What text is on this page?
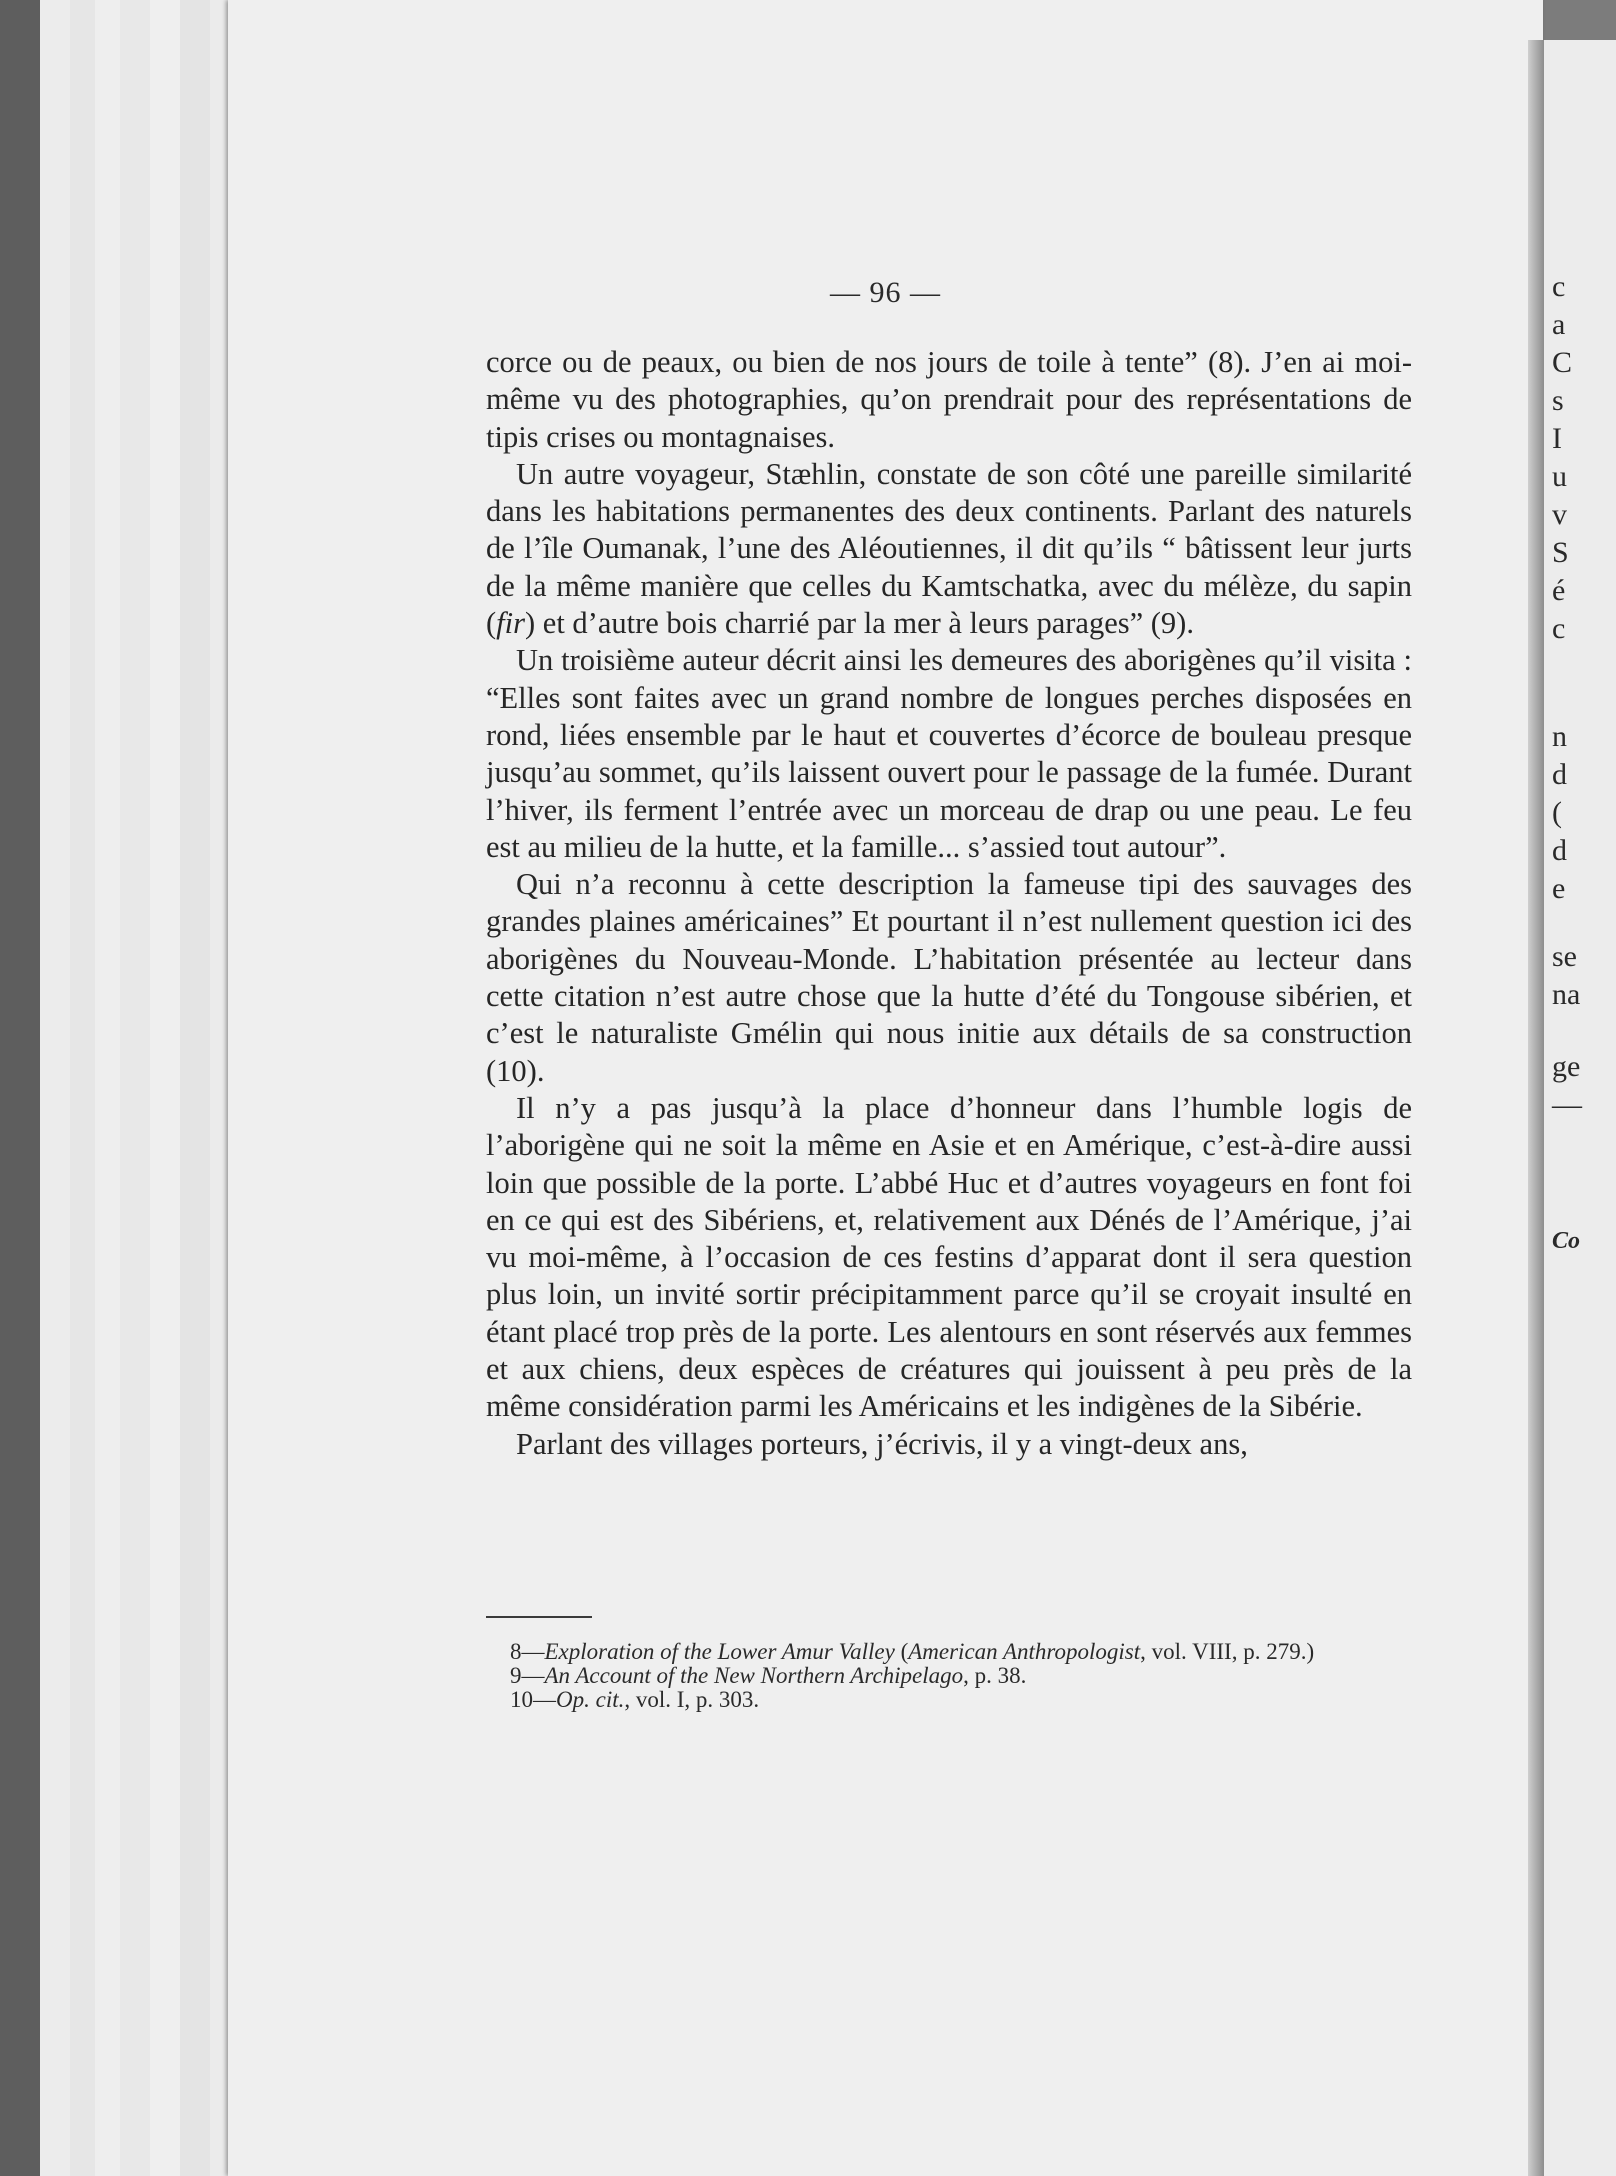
c
a
C
s
I
u
v
S
é
c
n
d
(
d
e
se
na
ge
—
Co
— 96 —

corce ou de peaux, ou bien de nos jours de toile à tente” (8). J’en ai moi-même vu des photographies, qu’on prendrait pour des représentations de tipis crises ou montagnaises.

Un autre voyageur, Stæhlin, constate de son côté une pareille similarité dans les habitations permanentes des deux continents. Parlant des naturels de l’île Oumanak, l’une des Aléoutiennes, il dit qu’ils “ bâtissent leur jurts de la même manière que celles du Kamtschatka, avec du mélèze, du sapin (fir) et d’autre bois charrié par la mer à leurs parages” (9).

Un troisième auteur décrit ainsi les demeures des aborigènes qu’il visita : “Elles sont faites avec un grand nombre de longues perches disposées en rond, liées ensemble par le haut et couvertes d’écorce de bouleau presque jusqu’au sommet, qu’ils laissent ouvert pour le passage de la fumée. Durant l’hiver, ils ferment l’entrée avec un morceau de drap ou une peau. Le feu est au milieu de la hutte, et la famille... s’assied tout autour”.

Qui n’a reconnu à cette description la fameuse tipi des sauvages des grandes plaines américaines” Et pourtant il n’est nullement question ici des aborigènes du Nouveau-Monde. L’habitation présentée au lecteur dans cette citation n’est autre chose que la hutte d’été du Tongouse sibérien, et c’est le naturaliste Gmélin qui nous initie aux détails de sa construction (10).

Il n’y a pas jusqu’à la place d’honneur dans l’humble logis de l’aborigène qui ne soit la même en Asie et en Amérique, c’est-à-dire aussi loin que possible de la porte. L’abbé Huc et d’autres voyageurs en font foi en ce qui est des Sibériens, et, relativement aux Dénés de l’Amérique, j’ai vu moi-même, à l’occasion de ces festins d’apparat dont il sera question plus loin, un invité sortir précipitamment parce qu’il se croyait insulté en étant placé trop près de la porte. Les alentours en sont réservés aux femmes et aux chiens, deux espèces de créatures qui jouissent à peu près de la même considération parmi les Américains et les indigènes de la Sibérie.

Parlant des villages porteurs, j’écrivis, il y a vingt-deux ans,

8—Exploration of the Lower Amur Valley (American Anthropologist, vol. VIII, p. 279.)

9—An Account of the New Northern Archipelago, p. 38.

10—Op. cit., vol. I, p. 303.
